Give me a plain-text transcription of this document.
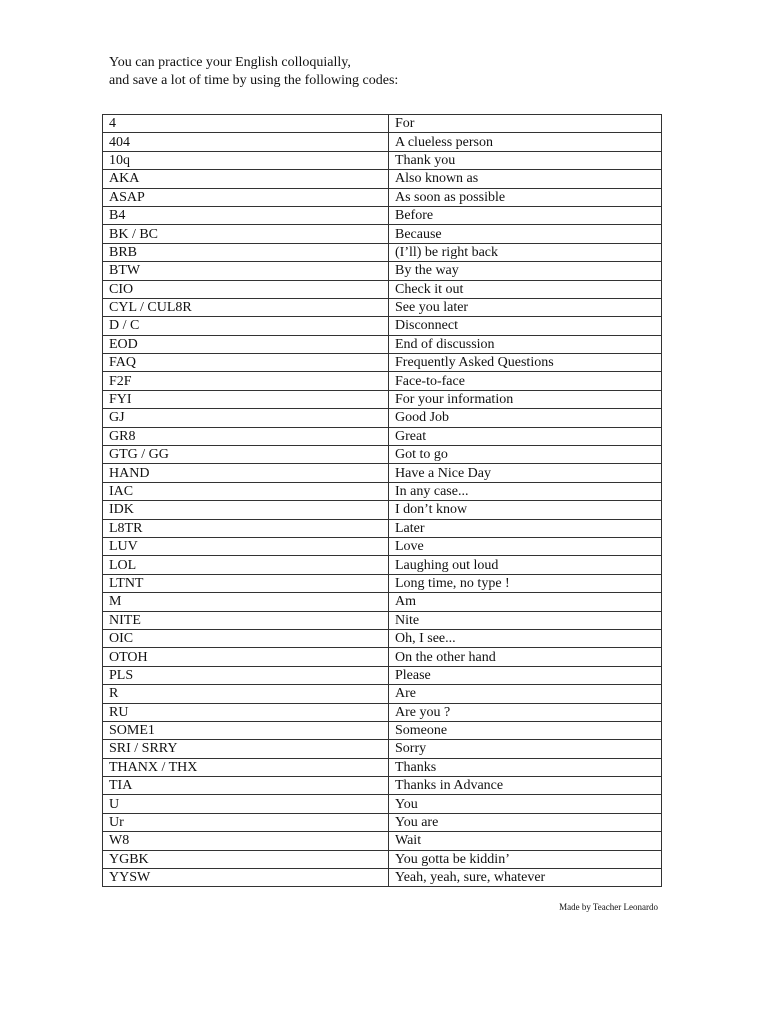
You can practice your English colloquially,
and save a lot of time by using the following codes:
4	For
404	A clueless person
10q	Thank you
AKA	Also known as
ASAP	As soon as possible
B4	Before
BK / BC	Because
BRB	(I’ll) be right back
BTW	By the way
CIO	Check it out
CYL / CUL8R	See you later
D / C	Disconnect
EOD	End of discussion
FAQ	Frequently Asked Questions
F2F	Face-to-face
FYI	For your information
GJ	Good Job
GR8	Great
GTG / GG	Got to go
HAND	Have a Nice Day
IAC	In any case...
IDK	I don’t know
L8TR	Later
LUV	Love
LOL	Laughing out loud
LTNT	Long time, no type !
M	Am
NITE	Nite
OIC	Oh, I see...
OTOH	On the other hand
PLS	Please
R	Are
RU	Are you ?
SOME1	Someone
SRI / SRRY	Sorry
THANX / THX	Thanks
TIA	Thanks in Advance
U	You
Ur	You are
W8	Wait
YGBK	You gotta be kiddin’
YYSW	Yeah, yeah, sure, whatever
Made by Teacher Leonardo
